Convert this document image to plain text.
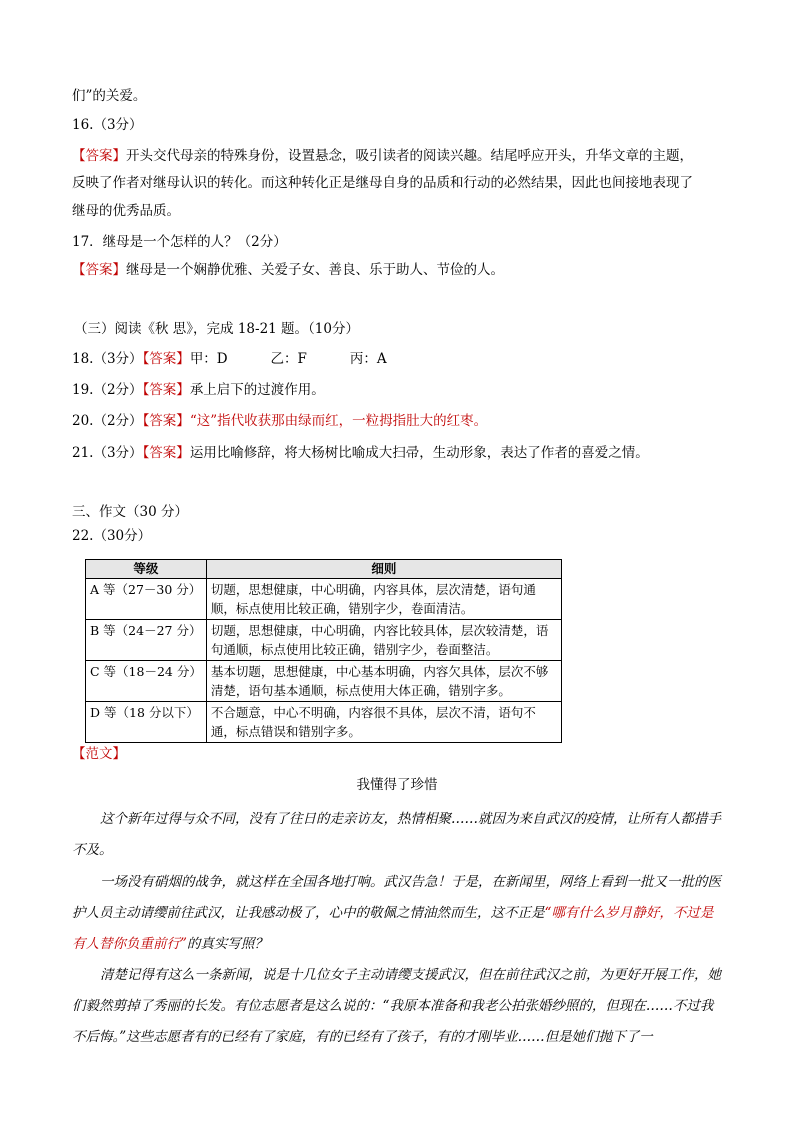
们”的关爱。
16.（3分）
【答案】开头交代母亲的特殊身份，设置悬念，吸引读者的阅读兴趣。结尾呼应开头，升华文章的主题，
反映了作者对继母认识的转化。而这种转化正是继母自身的品质和行动的必然结果，因此也间接地表现了
继母的优秀品质。
17．继母是一个怎样的人？（2分）
【答案】继母是一个娴静优雅、关爱子女、善良、乐于助人、节俭的人。
（三）阅读《秋 思》，完成 18-21 题。（10分）
18.（3分）【答案】甲：D          乙：F          丙：A
19.（2分）【答案】承上启下的过渡作用。
20.（2分）【答案】“这”指代收获那由绿而红，一粒拇指肚大的红枣。
21.（3分）【答案】运用比喻修辞，将大杨树比喻成大扫帚，生动形象，表达了作者的喜爱之情。
三、作文（30 分）
22.（30分）
等级	细则
A 等（27－30 分）	切题，思想健康，中心明确，内容具体，层次清楚，语句通顺，标点使用比较正确，错别字少，卷面清洁。
B 等（24－27 分）	切题，思想健康，中心明确，内容比较具体，层次较清楚，语句通顺，标点使用比较正确，错别字少，卷面整洁。
C 等（18－24 分）	基本切题，思想健康，中心基本明确，内容欠具体，层次不够清楚，语句基本通顺，标点使用大体正确，错别字多。
D 等（18 分以下）	不合题意，中心不明确，内容很不具体，层次不清，语句不通，标点错误和错别字多。
【范文】
我懂得了珍惜
这个新年过得与众不同，没有了往日的走亲访友，热情相聚……就因为来自武汉的疫情，让所有人都措手不及。
一场没有硝烟的战争，就这样在全国各地打响。武汉告急！于是，在新闻里，网络上看到一批又一批的医护人员主动请缨前往武汉，让我感动极了，心中的敬佩之情油然而生，这不正是“哪有什么岁月静好，不过是有人替你负重前行”的真实写照？
清楚记得有这么一条新闻，说是十几位女子主动请缨支援武汉，但在前往武汉之前，为更好开展工作，她们毅然剪掉了秀丽的长发。有位志愿者是这么说的：“我原本准备和我老公拍张婚纱照的，但现在……不过我不后悔。”这些志愿者有的已经有了家庭，有的已经有了孩子，有的才刚毕业……但是她们抛下了一
